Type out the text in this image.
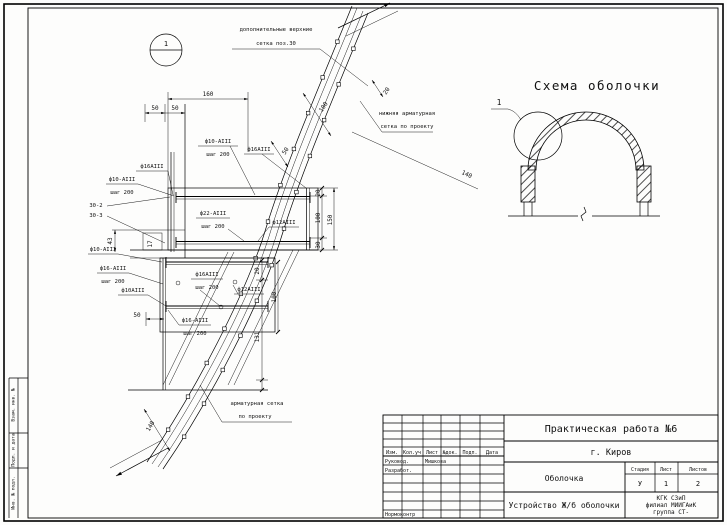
Взам. инв. №
Подп. и дата
Инв. № подл.
1
160
50 50
20
100
30
150
20
100
131
43	17
50
100
20
50
140
140
дополнительные верхние
сетка поз.30
нижняя арматурная
сетка по проекту
арматурная сетка
по проекту
ф10-АIII
шаг 200
ф16АIII
ф16АIII
ф10-АIII
шаг 200
ф22-АIII
шаг 200
ф12АIII
ф10-АIII
ф16-АIII
шаг 200
ф10АIII
ф16АIII
шаг 200	ф12АIII
ф16-АIII
шаг 200
30-2
30-3
Схема оболочки
1
Изм. Кол.уч Лист №док. Подп. Дата
Руковод.	Мишкова
Разработ.
Нормоконтр
Практическая работа №6
г. Киров
Оболочка
Устройство Ж/б оболочки
Стадия Лист	Листов
У	1	2
КГК СЗиП
филиал МИИГАиК
группа СТ-
